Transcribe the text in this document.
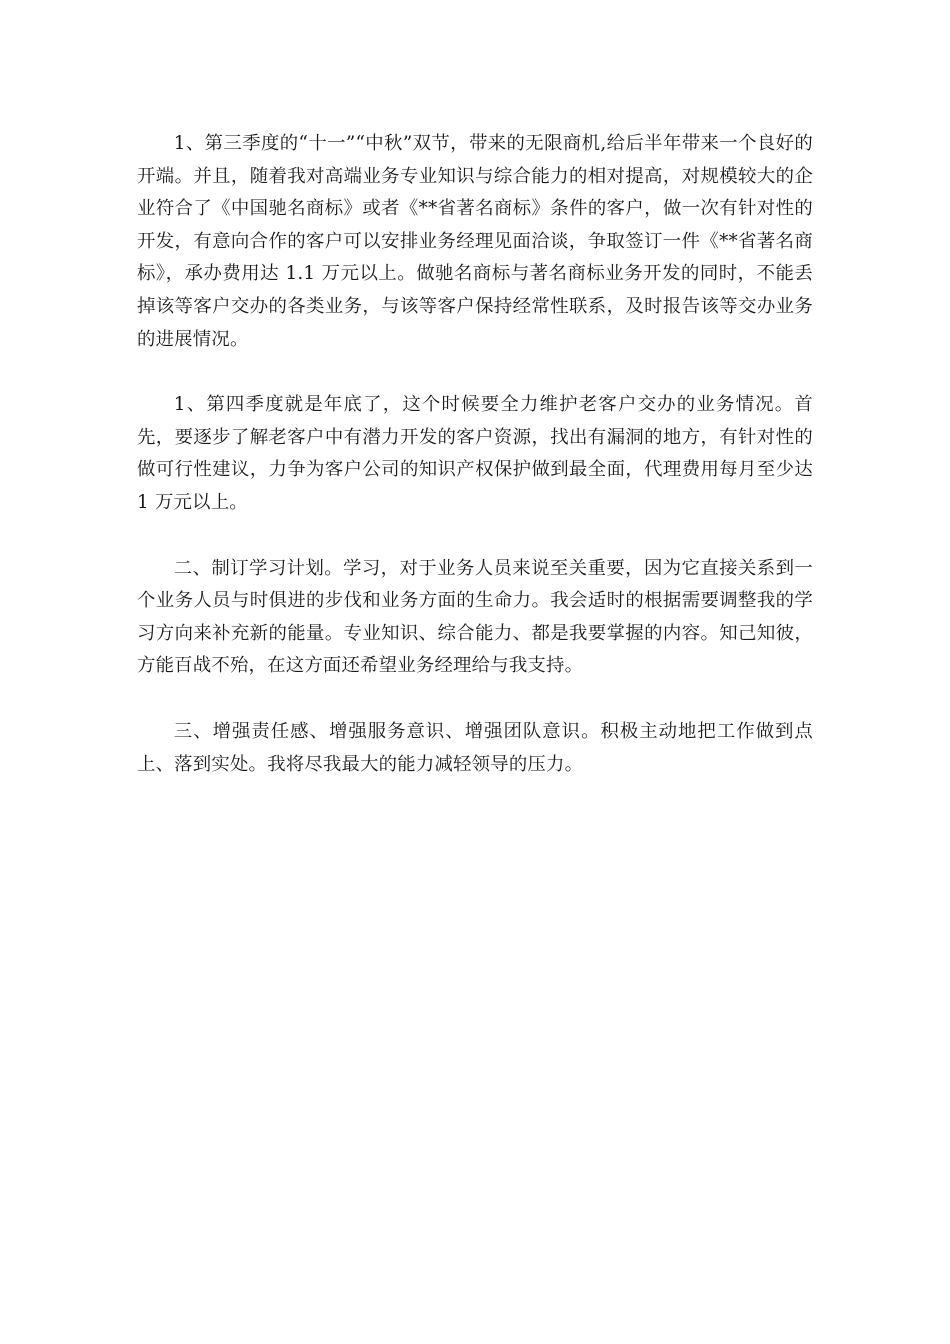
1、第三季度的“十一”“中秋”双节，带来的无限商机,给后半年带来一个良好的开端。并且，随着我对高端业务专业知识与综合能力的相对提高，对规模较大的企业符合了《中国驰名商标》或者《**省著名商标》条件的客户，做一次有针对性的开发，有意向合作的客户可以安排业务经理见面洽谈，争取签订一件《**省著名商标》，承办费用达 1.1 万元以上。做驰名商标与著名商标业务开发的同时，不能丢掉该等客户交办的各类业务，与该等客户保持经常性联系，及时报告该等交办业务的进展情况。

1、第四季度就是年底了，这个时候要全力维护老客户交办的业务情况。首先，要逐步了解老客户中有潜力开发的客户资源，找出有漏洞的地方，有针对性的做可行性建议，力争为客户公司的知识产权保护做到最全面，代理费用每月至少达 1 万元以上。

二、制订学习计划。学习，对于业务人员来说至关重要，因为它直接关系到一个业务人员与时俱进的步伐和业务方面的生命力。我会适时的根据需要调整我的学习方向来补充新的能量。专业知识、综合能力、都是我要掌握的内容。知己知彼，方能百战不殆，在这方面还希望业务经理给与我支持。

三、增强责任感、增强服务意识、增强团队意识。积极主动地把工作做到点上、落到实处。我将尽我最大的能力减轻领导的压力。
